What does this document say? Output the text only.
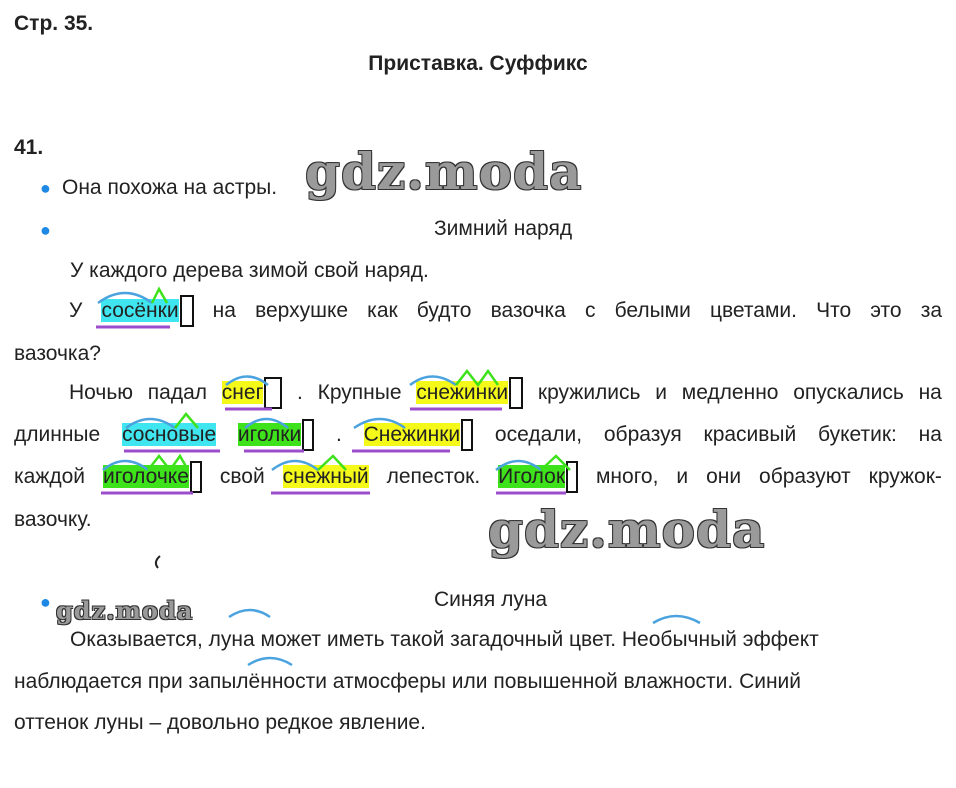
Стр. 35.
Приставка. Суффикс
41.
● Она похожа на астры.
●	Зимний наряд
У каждого дерева зимой свой наряд.
У сосёнки	на верхушке как будто вазочка с белыми цветами. Что это за
вазочка?
Ночью падал снег	. Крупные снежинки	кружились и медленно опускались на
длинные сосновые иголки	. Снежинки	оседали, образуя красивый букетик: на
каждой иголочке	свой снежный лепесток. Иголок	много, и они образуют кружок-
вазочку.
●	Синяя луна
Оказывается, луна может иметь такой загадочный цвет. Необычный эффект
наблюдается при запылённости атмосферы или повышенной влажности. Синий
оттенок луны – довольно редкое явление.
gdz.moda
gdz.moda
gdz.moda
